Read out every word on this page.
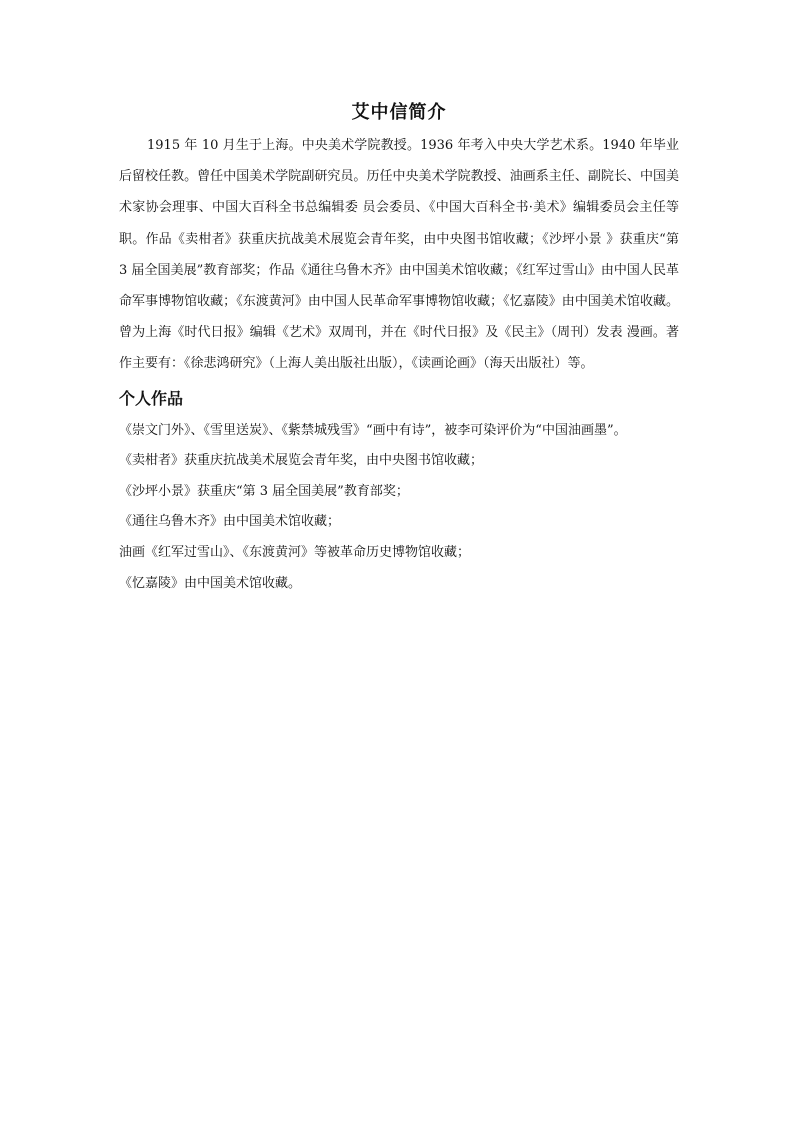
艾中信简介

1915 年 10 月生于上海。中央美术学院教授。1936 年考入中央大学艺术系。1940 年毕业后留校任教。曾任中国美术学院副研究员。历任中央美术学院教授、油画系主任、副院长、中国美术家协会理事、中国大百科全书总编辑委 员会委员、《中国大百科全书·美术》编辑委员会主任等职。作品《卖柑者》获重庆抗战美术展览会青年奖，由中央图书馆收藏；《沙坪小景 》获重庆“第 3 届全国美展”教育部奖；作品《通往乌鲁木齐》由中国美术馆收藏；《红军过雪山》由中国人民革命军事博物馆收藏；《东渡黄河》由中国人民革命军事博物馆收藏；《忆嘉陵》由中国美术馆收藏。曾为上海《时代日报》编辑《艺术》双周刊，并在《时代日报》及《民主》（周刊）发表 漫画。著作主要有：《徐悲鸿研究》（上海人美出版社出版），《读画论画》（海天出版社）等。

个人作品
《崇文门外》、《雪里送炭》、《紫禁城残雪》“画中有诗”，被李可染评价为“中国油画墨”。
《卖柑者》获重庆抗战美术展览会青年奖，由中央图书馆收藏；
《沙坪小景》获重庆“第 3 届全国美展”教育部奖；
《通往乌鲁木齐》由中国美术馆收藏；
油画《红军过雪山》、《东渡黄河》等被革命历史博物馆收藏；
《忆嘉陵》由中国美术馆收藏。
